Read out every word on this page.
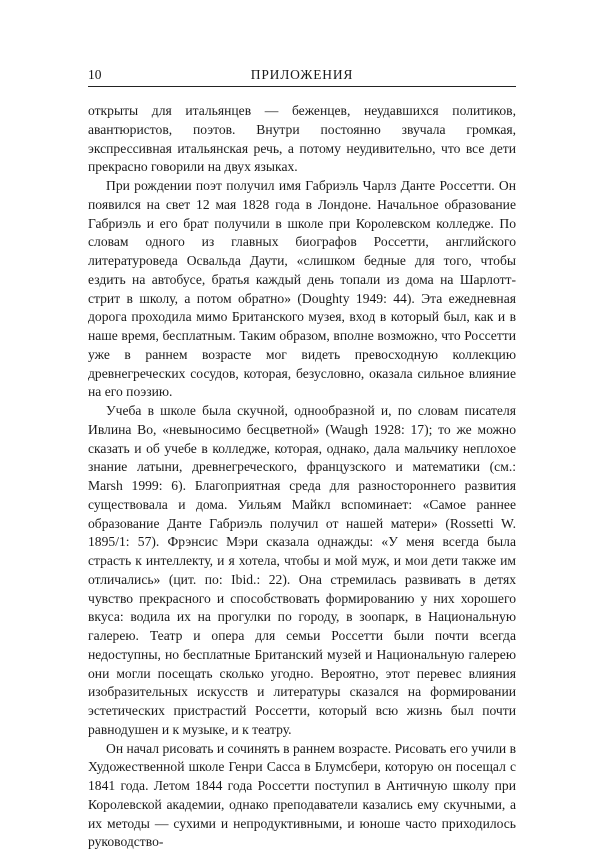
10	ПРИЛОЖЕНИЯ

открыты для итальянцев — беженцев, неудавшихся политиков, авантюристов, поэтов. Внутри постоянно звучала громкая, экспрессивная итальянская речь, а потому неудивительно, что все дети прекрасно говорили на двух языках.

При рождении поэт получил имя Габриэль Чарлз Данте Россетти. Он появился на свет 12 мая 1828 года в Лондоне. Начальное образование Габриэль и его брат получили в школе при Королевском колледже. По словам одного из главных биографов Россетти, английского литературоведа Освальда Даути, «слишком бедные для того, чтобы ездить на автобусе, братья каждый день топали из дома на Шарлотт-стрит в школу, а потом обратно» (Doughty 1949: 44). Эта ежедневная дорога проходила мимо Британского музея, вход в который был, как и в наше время, бесплатным. Таким образом, вполне возможно, что Россетти уже в раннем возрасте мог видеть превосходную коллекцию древнегреческих сосудов, которая, безусловно, оказала сильное влияние на его поэзию.

Учеба в школе была скучной, однообразной и, по словам писателя Ивлина Во, «невыносимо бесцветной» (Waugh 1928: 17); то же можно сказать и об учебе в колледже, которая, однако, дала мальчику неплохое знание латыни, древнегреческого, французского и математики (см.: Marsh 1999: 6). Благоприятная среда для разностороннего развития существовала и дома. Уильям Майкл вспоминает: «Самое раннее образование Данте Габриэль получил от нашей матери» (Rossetti W. 1895/1: 57). Фрэнсис Мэри сказала однажды: «У меня всегда была страсть к интеллекту, и я хотела, чтобы и мой муж, и мои дети также им отличались» (цит. по: Ibid.: 22). Она стремилась развивать в детях чувство прекрасного и способствовать формированию у них хорошего вкуса: водила их на прогулки по городу, в зоопарк, в Национальную галерею. Театр и опера для семьи Россетти были почти всегда недоступны, но бесплатные Британский музей и Национальную галерею они могли посещать сколько угодно. Вероятно, этот перевес влияния изобразительных искусств и литературы сказался на формировании эстетических пристрастий Россетти, который всю жизнь был почти равнодушен и к музыке, и к театру.

Он начал рисовать и сочинять в раннем возрасте. Рисовать его учили в Художественной школе Генри Сасса в Блумсбери, которую он посещал с 1841 года. Летом 1844 года Россетти поступил в Античную школу при Королевской академии, однако преподаватели казались ему скучными, а их методы — сухими и непродуктивными, и юноше часто приходилось руководство-
